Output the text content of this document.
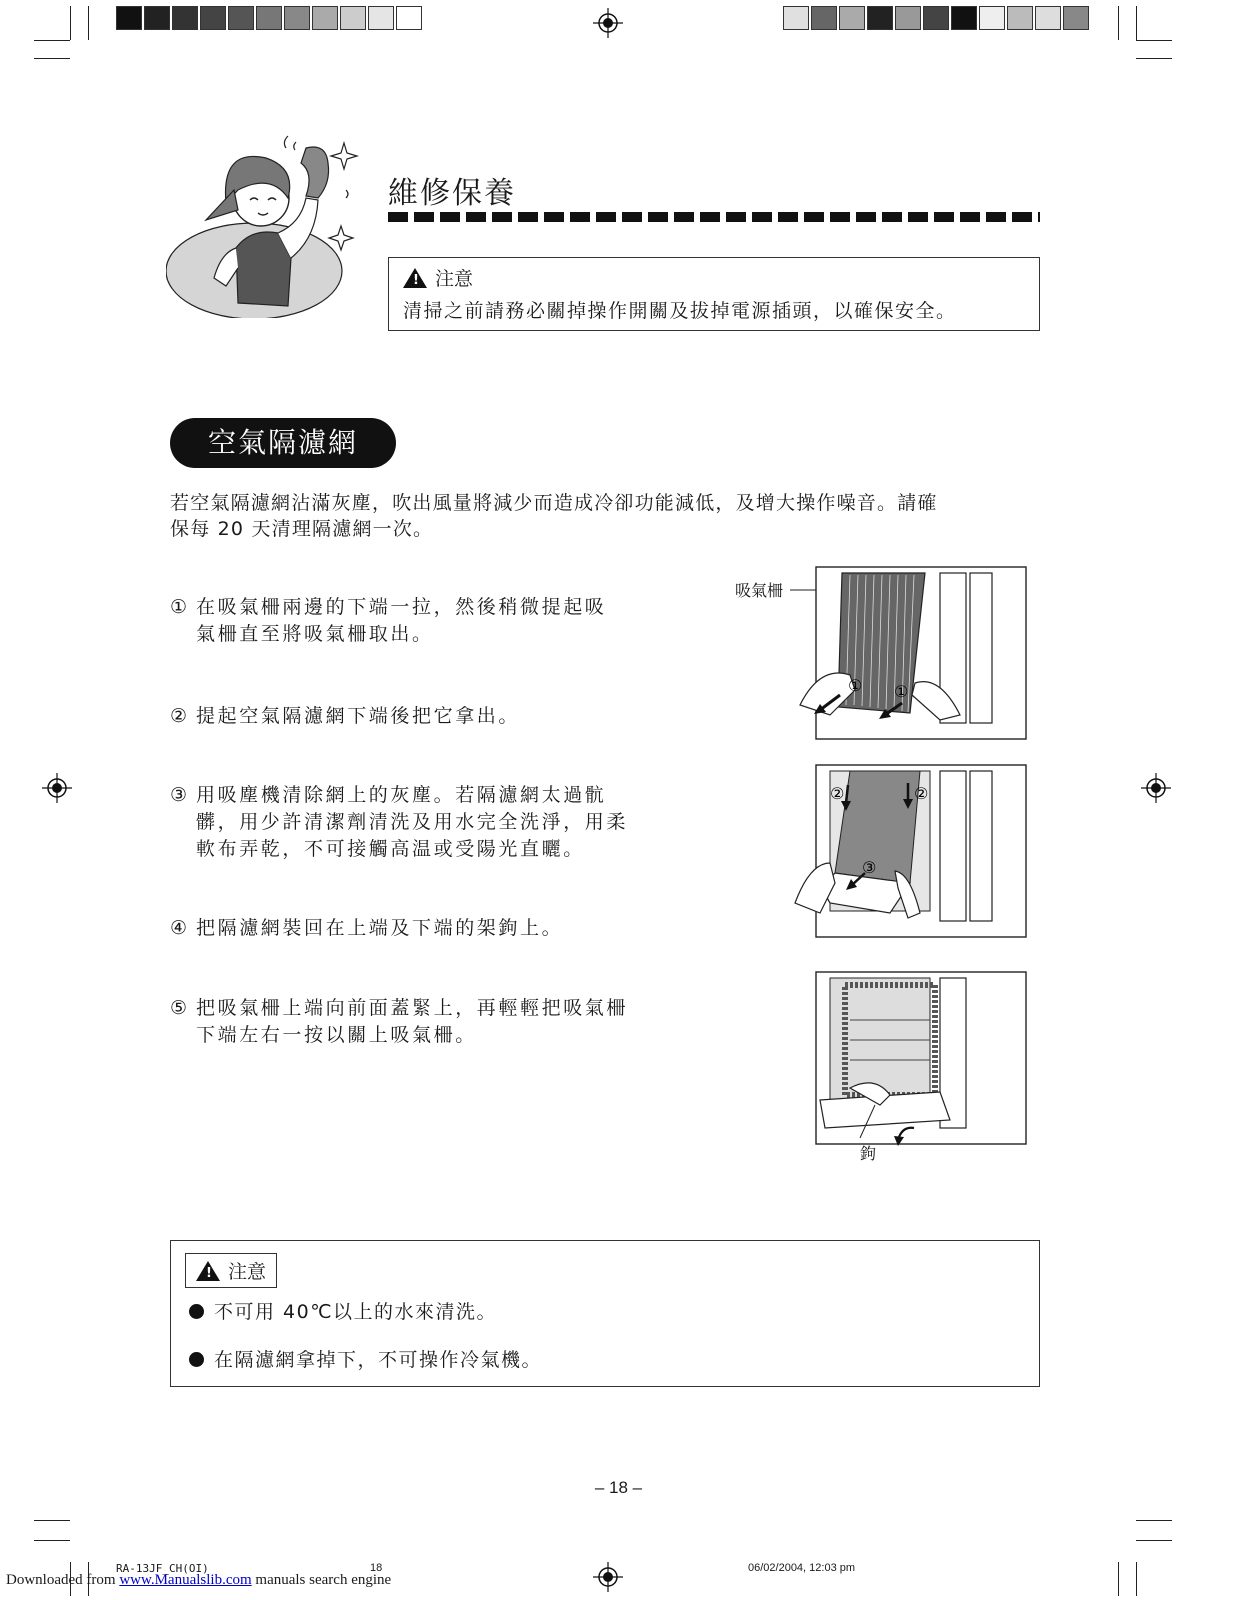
維修保養
! 注意
清掃之前請務必關掉操作開關及拔掉電源插頭，以確保安全。
空氣隔濾網
若空氣隔濾網沾滿灰塵，吹出風量將減少而造成冷卻功能減低，及增大操作噪音。請確
保每 20 天清理隔濾網一次。
① 在吸氣柵兩邊的下端一拉，然後稍微提起吸
氣柵直至將吸氣柵取出。
② 提起空氣隔濾網下端後把它拿出。
③ 用吸塵機清除網上的灰塵。若隔濾網太過骯
髒，用少許清潔劑清洗及用水完全洗淨，用柔
軟布弄乾，不可接觸高温或受陽光直曬。
④ 把隔濾網裝回在上端及下端的架鉤上。
⑤ 把吸氣柵上端向前面蓋緊上，再輕輕把吸氣柵
下端左右一按以關上吸氣柵。
吸氣柵
① ①
②	②
③
鉤
! 注意
不可用 40℃以上的水來清洗。
在隔濾網拿掉下，不可操作冷氣機。
– 18 –
RA-13JF_CH(OI)	18	06/02/2004, 12:03 pm
Downloaded from www.Manualslib.com manuals search engine
